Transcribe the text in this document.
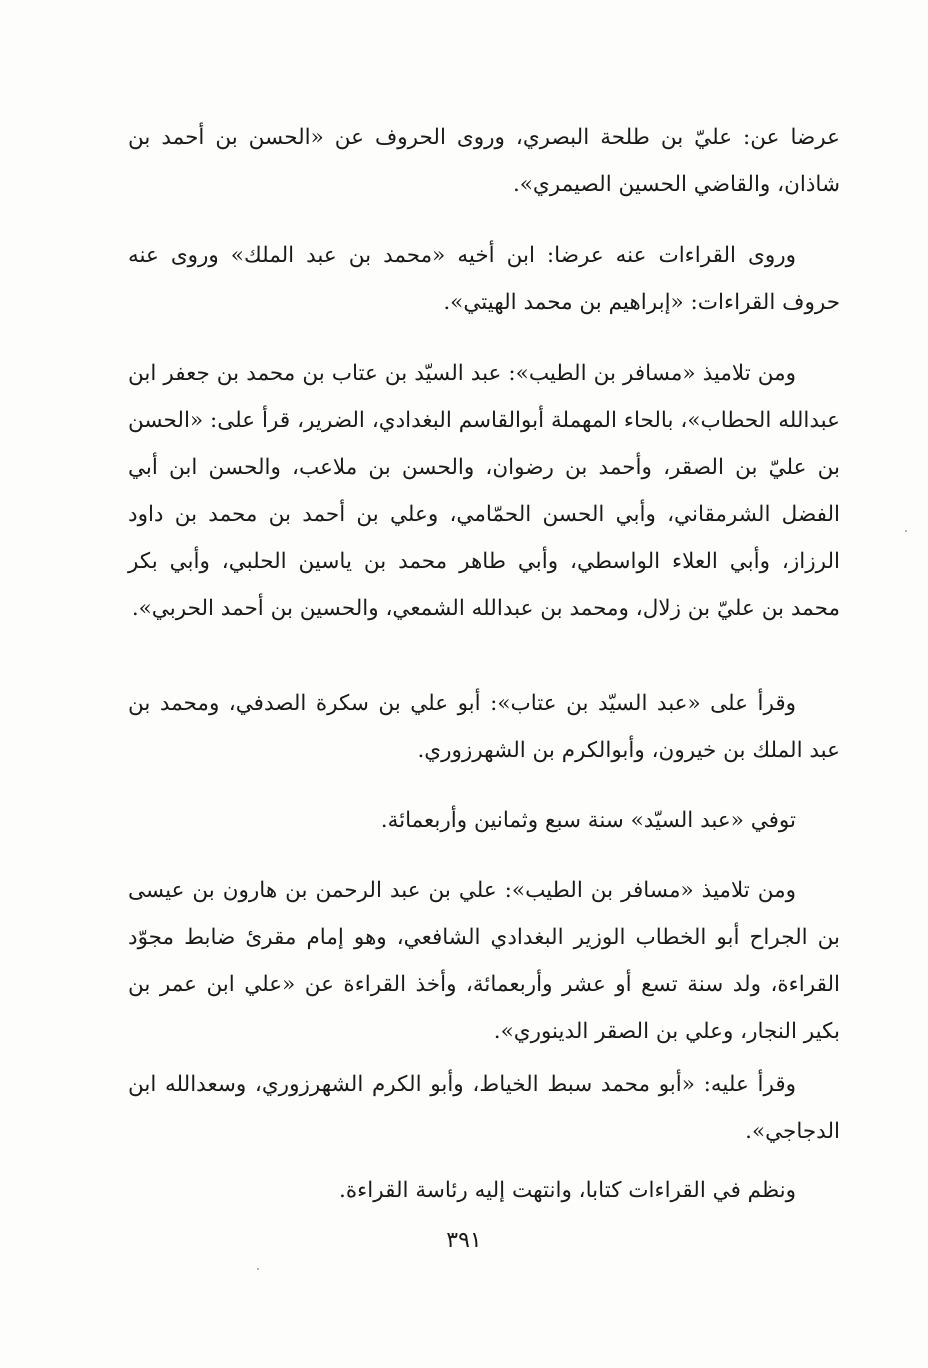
عرضا عن: عليّ بن طلحة البصري، وروى الحروف عن «الحسن بن أحمد بن شاذان، والقاضي الحسين الصيمري».

وروى القراءات عنه عرضا: ابن أخيه «محمد بن عبد الملك» وروى عنه حروف القراءات: «إبراهيم بن محمد الهيتي».

ومن تلاميذ «مسافر بن الطيب»: عبد السيّد بن عتاب بن محمد بن جعفر ابن عبدالله الحطاب»، بالحاء المهملة أبوالقاسم البغدادي، الضرير، قرأ على: «الحسن بن عليّ بن الصقر، وأحمد بن رضوان، والحسن بن ملاعب، والحسن ابن أبي الفضل الشرمقاني، وأبي الحسن الحمّامي، وعلي بن أحمد بن محمد بن داود الرزاز، وأبي العلاء الواسطي، وأبي طاهر محمد بن ياسين الحلبي، وأبي بكر محمد بن عليّ بن زلال، ومحمد بن عبدالله الشمعي، والحسين بن أحمد الحربي».

وقرأ على «عبد السيّد بن عتاب»: أبو علي بن سكرة الصدفي، ومحمد بن عبد الملك بن خيرون، وأبوالكرم بن الشهرزوري.

توفي «عبد السيّد» سنة سبع وثمانين وأربعمائة.

ومن تلاميذ «مسافر بن الطيب»: علي بن عبد الرحمن بن هارون بن عيسى بن الجراح أبو الخطاب الوزير البغدادي الشافعي، وهو إمام مقرئ ضابط مجوّد القراءة، ولد سنة تسع أو عشر وأربعمائة، وأخذ القراءة عن «علي ابن عمر بن بكير النجار، وعلي بن الصقر الدينوري».

وقرأ عليه: «أبو محمد سبط الخياط، وأبو الكرم الشهرزوري، وسعدالله ابن الدجاجي».

ونظم في القراءات كتابا، وانتهت إليه رئاسة القراءة.

٣٩١
